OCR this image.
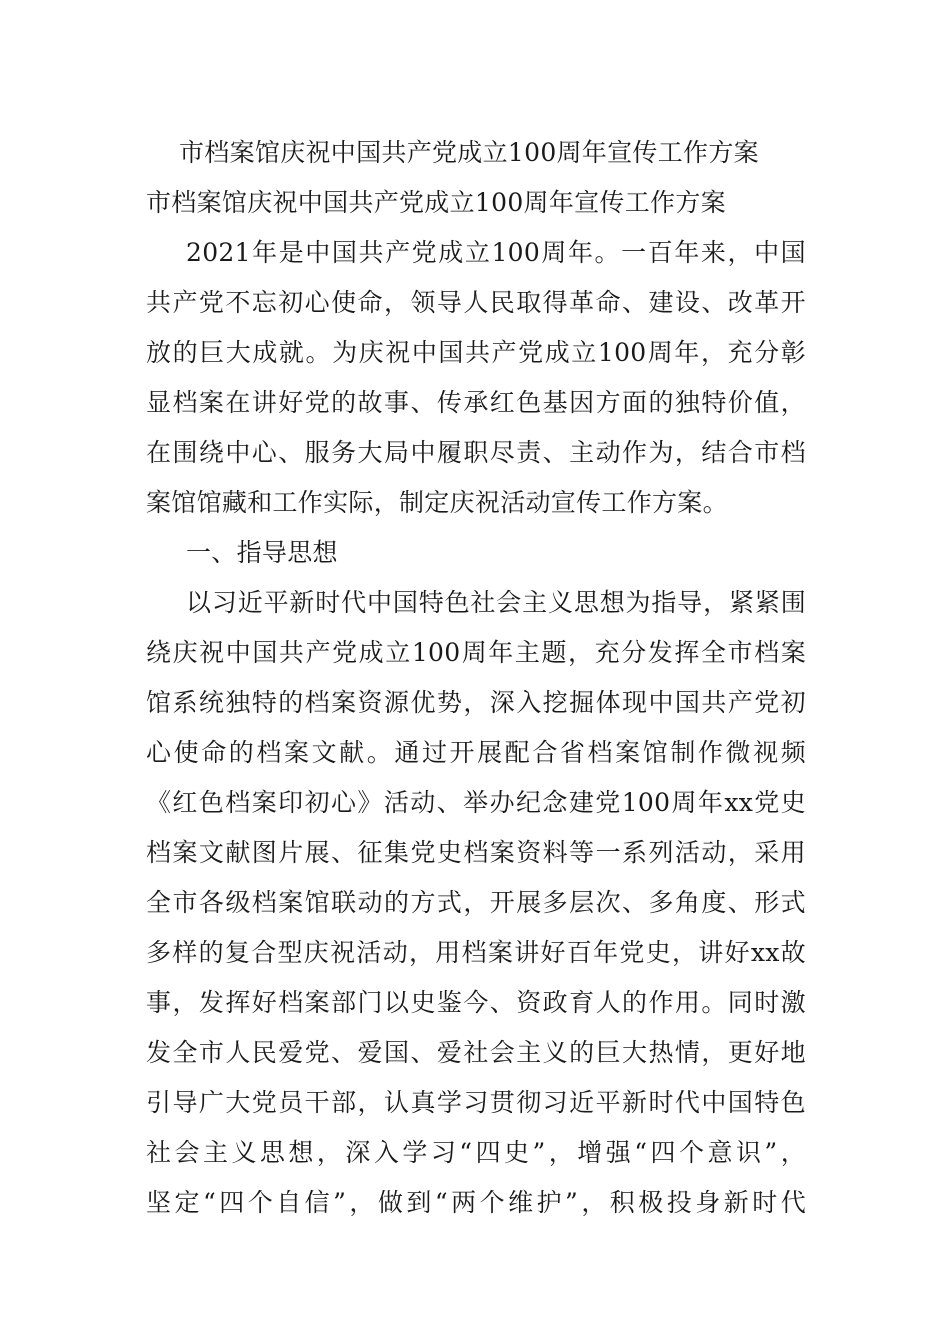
市档案馆庆祝中国共产党成立100周年宣传工作方案
市档案馆庆祝中国共产党成立100周年宣传工作方案
2021年是中国共产党成立100周年。一百年来，中国
共产党不忘初心使命，领导人民取得革命、建设、改革开
放的巨大成就。为庆祝中国共产党成立100周年，充分彰
显档案在讲好党的故事、传承红色基因方面的独特价值，
在围绕中心、服务大局中履职尽责、主动作为，结合市档
案馆馆藏和工作实际，制定庆祝活动宣传工作方案。
一、指导思想
以习近平新时代中国特色社会主义思想为指导，紧紧围
绕庆祝中国共产党成立100周年主题，充分发挥全市档案
馆系统独特的档案资源优势，深入挖掘体现中国共产党初
心使命的档案文献。通过开展配合省档案馆制作微视频
《红色档案印初心》活动、举办纪念建党100周年xx党史
档案文献图片展、征集党史档案资料等一系列活动，采用
全市各级档案馆联动的方式，开展多层次、多角度、形式
多样的复合型庆祝活动，用档案讲好百年党史，讲好xx故
事，发挥好档案部门以史鉴今、资政育人的作用。同时激
发全市人民爱党、爱国、爱社会主义的巨大热情，更好地
引导广大党员干部，认真学习贯彻习近平新时代中国特色
社会主义思想，深入学习“四史”，增强“四个意识”，
坚定“四个自信”，做到“两个维护”，积极投身新时代
